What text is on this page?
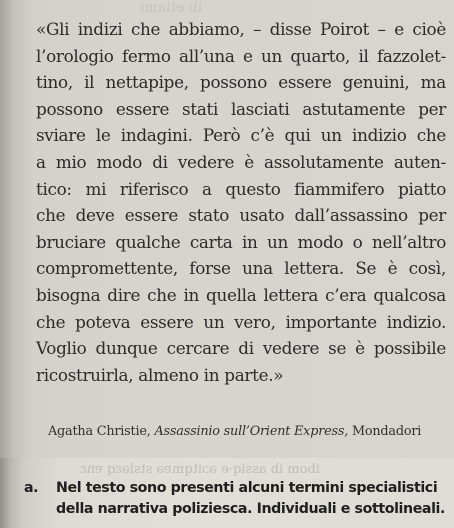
ib etiami
«Gli indizi che abbiamo, – disse Poirot – e cioè
l’orologio fermo all’una e un quarto, il fazzolet-
tino, il nettapipe, possono essere genuini, ma
possono essere stati lasciati astutamente per
sviare le indagini. Però c’è qui un indizio che
a mio modo di vedere è assolutamente auten-
tico: mi riferisco a questo fiammifero piatto
che deve essere stato usato dall’assassino per
bruciare qualche carta in un modo o nell’altro
compromettente, forse una lettera. Se è così,
bisogna dire che in quella lettera c’era qualcosa
che poteva essere un vero, importante indizio.
Voglio dunque cercare di vedere se è possibile
ricostruirla, almeno in parte.»
Agatha Christie, Assassinio sull’Orient Express, Mondadori
ibom ib assiq·e əɔitqmɐə stsləɛq ɐnɛ
a. Nel testo sono presenti alcuni termini specialistici
della narrativa poliziesca. Individuali e sottolineali.
